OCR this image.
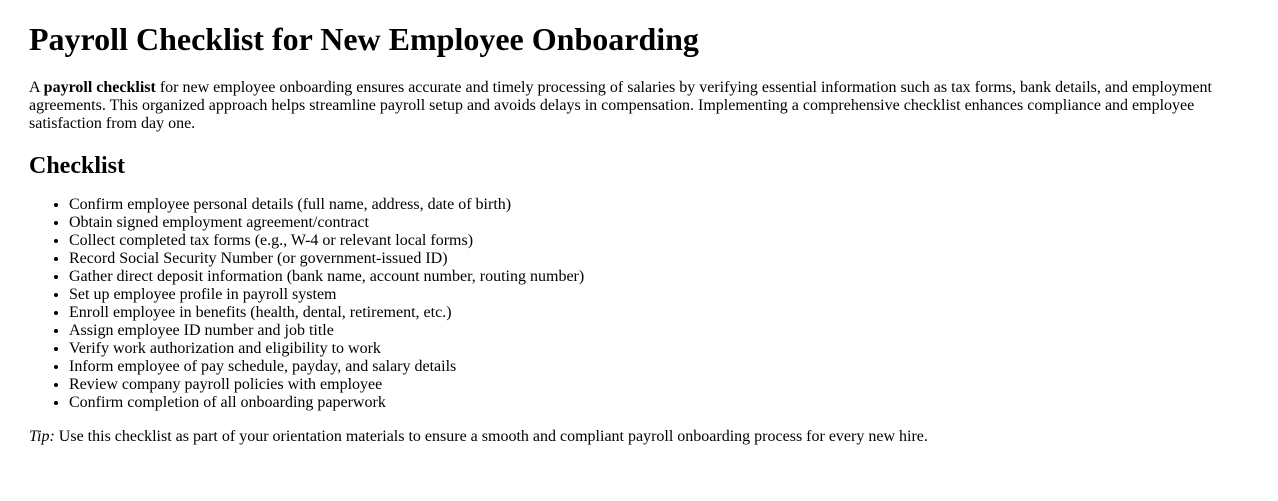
Payroll Checklist for New Employee Onboarding

A payroll checklist for new employee onboarding ensures accurate and timely processing of salaries by verifying essential information such as tax forms, bank details, and employment agreements. This organized approach helps streamline payroll setup and avoids delays in compensation. Implementing a comprehensive checklist enhances compliance and employee satisfaction from day one.

Checklist
• Confirm employee personal details (full name, address, date of birth)
• Obtain signed employment agreement/contract
• Collect completed tax forms (e.g., W-4 or relevant local forms)
• Record Social Security Number (or government-issued ID)
• Gather direct deposit information (bank name, account number, routing number)
• Set up employee profile in payroll system
• Enroll employee in benefits (health, dental, retirement, etc.)
• Assign employee ID number and job title
• Verify work authorization and eligibility to work
• Inform employee of pay schedule, payday, and salary details
• Review company payroll policies with employee
• Confirm completion of all onboarding paperwork

Tip: Use this checklist as part of your orientation materials to ensure a smooth and compliant payroll onboarding process for every new hire.
